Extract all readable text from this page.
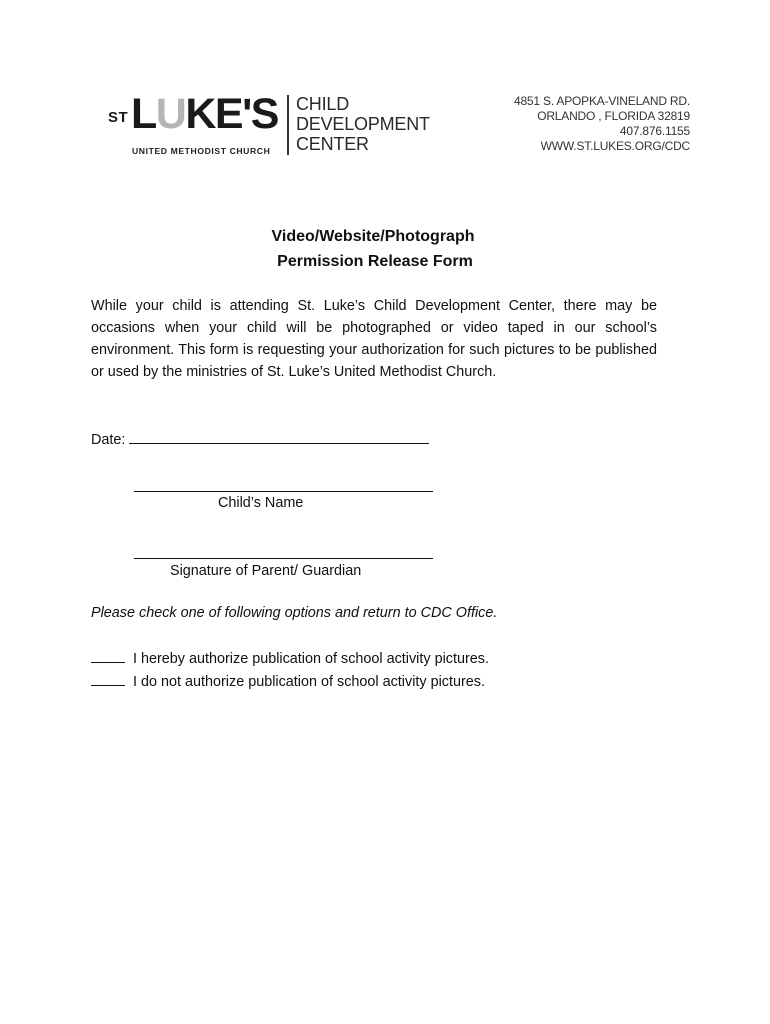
ST LUKE'S
UNITED METHODIST CHURCH
CHILD
DEVELOPMENT
CENTER
4851 S. APOPKA-VINELAND RD.
ORLANDO , FLORIDA 32819
407.876.1155
WWW.ST.LUKES.ORG/CDC
Video/Website/Photograph
Permission Release Form
While your child is attending St. Luke’s Child Development Center, there may be occasions when your child will be photographed or video taped in our school’s environment. This form is requesting your authorization for such pictures to be published or used by the ministries of St. Luke’s United Methodist Church.
Date:
Child’s Name
Signature of Parent/ Guardian
Please check one of following options and return to CDC Office.
I hereby authorize publication of school activity pictures.
I do not authorize publication of school activity pictures.
